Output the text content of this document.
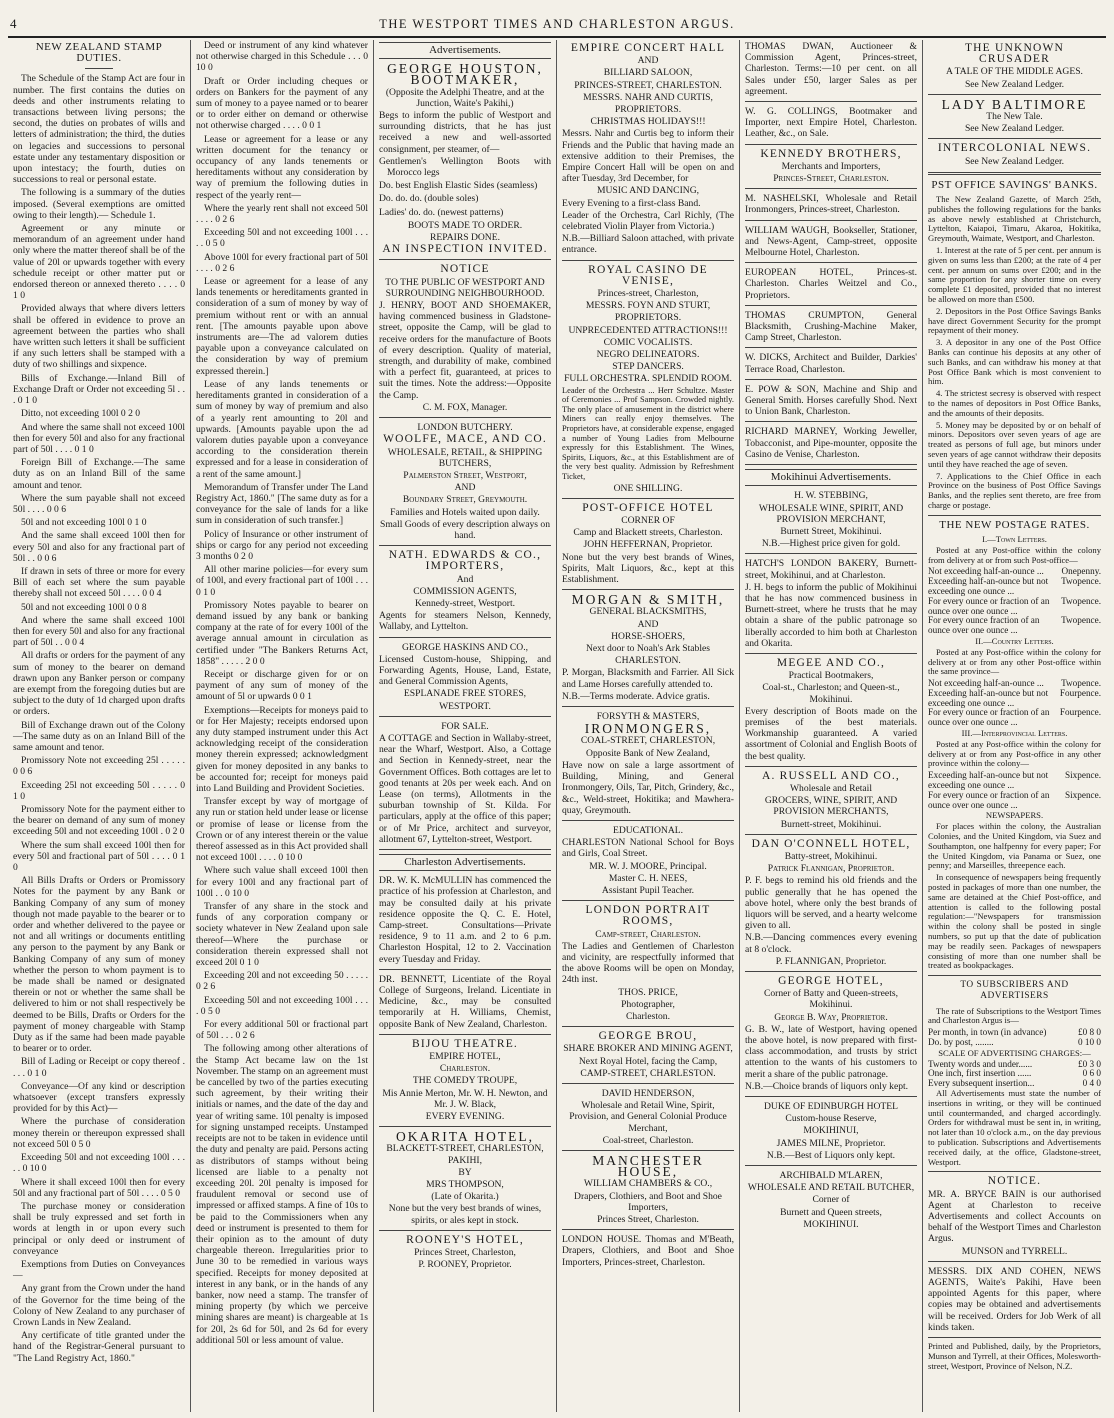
4	THE WESTPORT TIMES AND CHARLESTON ARGUS.
NEW ZEALAND STAMP DUTIES.

The Schedule of the Stamp Act are four in number. The first contains the duties on deeds and other instruments relating to transactions between living persons; the second, the duties on probates of wills and letters of administration; the third, the duties on legacies and successions to personal estate under any testamentary disposition or upon intestacy; the fourth, duties on successions to real or personal estate.

The following is a summary of the duties imposed. (Several exemptions are omitted owing to their length).— Schedule 1.

Agreement or any minute or memorandum of an agreement under hand only where the matter thereof shall be of the value of 20l or upwards together with every schedule receipt or other matter put or endorsed thereon or annexed thereto . . . . 0 1 0

Provided always that where divers letters shall be offered in evidence to prove an agreement between the parties who shall have written such letters it shall be sufficient if any such letters shall be stamped with a duty of two shillings and sixpence.

Bills of Exchange.—Inland Bill of Exchange Draft or Order not exceeding 5l . . . 0 1 0

Ditto, not exceeding 100l 0 2 0

And where the same shall not exceed 100l then for every 50l and also for any fractional part of 50l . . . . 0 1 0

Foreign Bill of Exchange.—The same duty as on an Inland Bill of the same amount and tenor.

Where the sum payable shall not exceed 50l . . . . 0 0 6

50l and not exceeding 100l 0 1 0

And the same shall exceed 100l then for every 50l and also for any fractional part of 50l . . 0 0 6

If drawn in sets of three or more for every Bill of each set where the sum payable thereby shall not exceed 50l . . . . 0 0 4

50l and not exceeding 100l 0 0 8

And where the same shall exceed 100l then for every 50l and also for any fractional part of 50l . . 0 0 4

All drafts or orders for the payment of any sum of money to the bearer on demand drawn upon any Banker person or company are exempt from the foregoing duties but are subject to the duty of 1d charged upon drafts or orders.

Bill of Exchange drawn out of the Colony—The same duty as on an Inland Bill of the same amount and tenor.

Promissory Note not exceeding 25l . . . . . 0 0 6

Exceeding 25l not exceeding 50l . . . . . 0 1 0

Promissory Note for the payment either to the bearer on demand of any sum of money exceeding 50l and not exceeding 100l . 0 2 0

Where the sum shall exceed 100l then for every 50l and fractional part of 50l . . . . 0 1 0

All Bills Drafts or Orders or Promissory Notes for the payment by any Bank or Banking Company of any sum of money though not made payable to the bearer or to order and whether delivered to the payee or not and all writings or documents entitling any person to the payment by any Bank or Banking Company of any sum of money whether the person to whom payment is to be made shall be named or designated therein or not or whether the same shall be delivered to him or not shall respectively be deemed to be Bills, Drafts or Orders for the payment of money chargeable with Stamp Duty as if the same had been made payable to bearer or to order.

Bill of Lading or Receipt or copy thereof . . . . 0 1 0

Conveyance—Of any kind or description whatsoever (except transfers expressly provided for by this Act)—

Where the purchase of consideration money therein or thereupon expressed shall not exceed 50l 0 5 0

Exceeding 50l and not exceeding 100l . . . . . 0 10 0

Where it shall exceed 100l then for every 50l and any fractional part of 50l . . . . 0 5 0

The purchase money or consideration shall be truly expressed and set forth in words at length in or upon every such principal or only deed or instrument of conveyance

Exemptions from Duties on Conveyances—

Any grant from the Crown under the hand of the Governor for the time being of the Colony of New Zealand to any purchaser of Crown Lands in New Zealand.

Any certificate of title granted under the hand of the Registrar-General pursuant to "The Land Registry Act, 1860."

Deed or instrument of any kind whatever not otherwise charged in this Schedule . . . 0 10 0

Draft or Order including cheques or orders on Bankers for the payment of any sum of money to a payee named or to bearer or to order either on demand or otherwise not otherwise charged . . . . 0 0 1

Lease or agreement for a lease or any written document for the tenancy or occupancy of any lands tenements or hereditaments without any consideration by way of premium the following duties in respect of the yearly rent—

Where the yearly rent shall not exceed 50l . . . . 0 2 6

Exceeding 50l and not exceeding 100l . . . . . 0 5 0

Above 100l for every fractional part of 50l . . . . 0 2 6

Lease or agreement for a lease of any lands tenements or hereditaments granted in consideration of a sum of money by way of premium without rent or with an annual rent. [The amounts payable upon above instruments are—The ad valorem duties payable upon a conveyance calculated on the consideration by way of premium expressed therein.]

Lease of any lands tenements or hereditaments granted in consideration of a sum of money by way of premium and also of a yearly rent amounting to 20l and upwards. [Amounts payable upon the ad valorem duties payable upon a conveyance according to the consideration therein expressed and for a lease in consideration of a rent of the same amount.]

Memorandum of Transfer under The Land Registry Act, 1860." [The same duty as for a conveyance for the sale of lands for a like sum in consideration of such transfer.]

Policy of Insurance or other instrument of ships or cargo for any period not exceeding 3 months 0 2 0

All other marine policies—for every sum of 100l, and every fractional part of 100l . . . 0 1 0

Promissory Notes payable to bearer on demand issued by any bank or banking company at the rate of for every 100l of the average annual amount in circulation as certified under "The Bankers Returns Act, 1858" . . . . . 2 0 0

Receipt or discharge given for or on payment of any sum of money of the amount of 5l or upwards 0 0 1

Exemptions—Receipts for moneys paid to or for Her Majesty; receipts endorsed upon any duty stamped instrument under this Act acknowledging receipt of the consideration money therein expressed; acknowledgment given for money deposited in any banks to be accounted for; receipt for moneys paid into Land Building and Provident Societies.

Transfer except by way of mortgage of any run or station held under lease or license or promise of lease or license from the Crown or of any interest therein or the value thereof assessed as in this Act provided shall not exceed 100l . . . . 0 10 0

Where such value shall exceed 100l then for every 100l and any fractional part of 100l . . 0 10 0

Transfer of any share in the stock and funds of any corporation company or society whatever in New Zealand upon sale thereof—Where the purchase or consideration therein expressed shall not exceed 20l 0 1 0

Exceeding 20l and not exceeding 50 . . . . . 0 2 6

Exceeding 50l and not exceeding 100l . . . . 0 5 0

For every additional 50l or fractional part of 50l . . . 0 2 6

The following among other alterations of the Stamp Act became law on the 1st November. The stamp on an agreement must be cancelled by two of the parties executing such agreement, by their writing their initials or names, and the date of the day and year of writing same. 10l penalty is imposed for signing unstamped receipts. Unstamped receipts are not to be taken in evidence until the duty and penalty are paid. Persons acting as distributors of stamps without being licensed are liable to a penalty not exceeding 20l. 20l penalty is imposed for fraudulent removal or second use of impressed or affixed stamps. A fine of 10s to be paid to the Commissioners when any deed or instrument is presented to them for their opinion as to the amount of duty chargeable thereon. Irregularities prior to June 30 to be remedied in various ways specified. Receipts for money deposited at interest in any bank, or in the hands of any banker, now need a stamp. The transfer of mining property (by which we perceive mining shares are meant) is chargeable at 1s for 20l, 2s 6d for 50l, and 2s 6d for every additional 50l or less amount of value.

Advertisements.
GEORGE HOUSTON, BOOTMAKER,
(Opposite the Adelphi Theatre, and at the Junction, Waite's Pakihi,)
Begs to inform the public of Westport and surrounding districts, that he has just received a new and well-assorted consignment, per steamer, of—

Gentlemen's Wellington Boots with Morocco legs

Do. best English Elastic Sides (seamless)

Do. do. do. (double soles)

Ladies' do. do. (newest patterns)

BOOTS MADE TO ORDER.
REPAIRS DONE.
AN INSPECTION INVITED.
NOTICE
TO THE PUBLIC OF WESTPORT AND SURROUNDING NEIGHBOURHOOD.
J. HENRY, BOOT AND SHOEMAKER, having commenced business in Gladstone-street, opposite the Camp, will be glad to receive orders for the manufacture of Boots of every description. Quality of material, strength, and durability of make, combined with a perfect fit, guaranteed, at prices to suit the times. Note the address:—Opposite the Camp.
C. M. FOX, Manager.
LONDON BUTCHERY.
WOOLFE, MACE, AND CO.
WHOLESALE, RETAIL, & SHIPPING BUTCHERS,
Palmerston Street, Westport,
AND
Boundary Street, Greymouth.
Families and Hotels waited upon daily.
Small Goods of every description always on hand.
NATH. EDWARDS & CO., IMPORTERS,
And
COMMISSION AGENTS,
Kennedy-street, Westport.
Agents for steamers Nelson, Kennedy, Wallaby, and Lyttelton.
GEORGE HASKINS AND CO.,
Licensed Custom-house, Shipping, and Forwarding Agents, House, Land, Estate, and General Commission Agents,
ESPLANADE FREE STORES,
WESTPORT.
FOR SALE.
A COTTAGE and Section in Wallaby-street, near the Wharf, Westport. Also, a Cottage and Section in Kennedy-street, near the Government Offices. Both cottages are let to good tenants at 20s per week each. And on Lease (on terms), Allotments in the suburban township of St. Kilda. For particulars, apply at the office of this paper; or of Mr Price, architect and surveyor, allotment 67, Lyttelton-street, Westport.
Charleston Advertisements.
DR. W. K. McMULLIN has commenced the practice of his profession at Charleston, and may be consulted daily at his private residence opposite the Q. C. E. Hotel, Camp-street. Consultations—Private residence, 9 to 11 a.m. and 2 to 6 p.m. Charleston Hospital, 12 to 2. Vaccination every Tuesday and Friday.
DR. BENNETT, Licentiate of the Royal College of Surgeons, Ireland. Licentiate in Medicine, &c., may be consulted temporarily at H. Williams, Chemist, opposite Bank of New Zealand, Charleston.
BIJOU THEATRE.
EMPIRE HOTEL,
Charleston.
THE COMEDY TROUPE,
Mis Annie Merton, Mr. W. H. Newton, and Mr. J. W. Black,
EVERY EVENING.
OKARITA HOTEL,
BLACKETT-STREET, CHARLESTON, PAKIHI,
BY
MRS THOMPSON,
(Late of Okarita.)
None but the very best brands of wines, spirits, or ales kept in stock.
ROONEY'S HOTEL,
Princes Street, Charleston,
P. ROONEY, Proprietor.
EMPIRE CONCERT HALL
AND
BILLIARD SALOON,
PRINCES-STREET, CHARLESTON.
MESSRS. NAHR AND CURTIS,
PROPRIETORS.
CHRISTMAS HOLIDAYS!!!
Messrs. Nahr and Curtis beg to inform their Friends and the Public that having made an extensive addition to their Premises, the Empire Concert Hall will be open on and after Tuesday, 3rd December, for
MUSIC AND DANCING,
Every Evening to a first-class Band.
Leader of the Orchestra, Carl Richly, (The celebrated Violin Player from Victoria.)
N.B.—Billiard Saloon attached, with private entrance.
ROYAL CASINO DE VENISE,
Princes-street, Charleston,
MESSRS. FOYN AND STURT,
PROPRIETORS.
UNPRECEDENTED ATTRACTIONS!!!
COMIC VOCALISTS.
NEGRO DELINEATORS.
STEP DANCERS.
FULL ORCHESTRA. SPLENDID ROOM.
Leader of the Orchestra ... Herr Schultze. Master of Ceremonies ... Prof Sampson. Crowded nightly. The only place of amusement in the district where Miners can really enjoy themselves. The Proprietors have, at considerable expense, engaged a number of Young Ladies from Melbourne expressly for this Establishment. The Wines, Spirits, Liquors, &c., at this Establishment are of the very best quality. Admission by Refreshment Ticket,
ONE SHILLING.
POST-OFFICE HOTEL
CORNER OF
Camp and Blackett streets, Charleston.
JOHN HEFFERNAN, Proprietor.
None but the very best brands of Wines, Spirits, Malt Liquors, &c., kept at this Establishment.
MORGAN & SMITH,
GENERAL BLACKSMITHS,
AND
HORSE-SHOERS,
Next door to Noah's Ark Stables
CHARLESTON.
P. Morgan, Blacksmith and Farrier. All Sick and Lame Horses carefully attended to.
N.B.—Terms moderate. Advice gratis.
FORSYTH & MASTERS,
IRONMONGERS,
COAL-STREET, CHARLESTON,
Opposite Bank of New Zealand,
Have now on sale a large assortment of Building, Mining, and General Ironmongery, Oils, Tar, Pitch, Grindery, &c., &c., Weld-street, Hokitika; and Mawhera-quay, Greymouth.
EDUCATIONAL.
CHARLESTON National School for Boys and Girls, Coal Street.
MR. W. J. MOORE, Principal.
Master C. H. NEES,
Assistant Pupil Teacher.
LONDON PORTRAIT ROOMS,
Camp-street, Charleston.
The Ladies and Gentlemen of Charleston and vicinity, are respectfully informed that the above Rooms will be open on Monday, 24th inst.
THOS. PRICE,
Photographer,
Charleston.
GEORGE BROU,
SHARE BROKER AND MINING AGENT,
Next Royal Hotel, facing the Camp,
CAMP-STREET, CHARLESTON.
DAVID HENDERSON,
Wholesale and Retail Wine, Spirit, Provision, and General Colonial Produce Merchant,
Coal-street, Charleston.
MANCHESTER HOUSE,
WILLIAM CHAMBERS & CO.,
Drapers, Clothiers, and Boot and Shoe Importers,
Princes Street, Charleston.
LONDON HOUSE. Thomas and M'Beath, Drapers, Clothiers, and Boot and Shoe Importers, Princes-street, Charleston.
THOMAS DWAN, Auctioneer & Commission Agent, Princes-street, Charleston. Terms:—10 per cent. on all Sales under £50, larger Sales as per agreement.
W. G. COLLINGS, Bootmaker and Importer, next Empire Hotel, Charleston. Leather, &c., on Sale.
KENNEDY BROTHERS,
Merchants and Importers,
Princes-Street, Charleston.
M. NASHELSKI, Wholesale and Retail Ironmongers, Princes-street, Charleston.
WILLIAM WAUGH, Bookseller, Stationer, and News-Agent, Camp-street, opposite Melbourne Hotel, Charleston.
EUROPEAN HOTEL, Princes-st. Charleston. Charles Weitzel and Co., Proprietors.
THOMAS CRUMPTON, General Blacksmith, Crushing-Machine Maker, Camp Street, Charleston.
W. DICKS, Architect and Builder, Darkies' Terrace Road, Charleston.
E. POW & SON, Machine and Ship and General Smith. Horses carefully Shod. Next to Union Bank, Charleston.
RICHARD MARNEY, Working Jeweller, Tobacconist, and Pipe-mounter, opposite the Casino de Venise, Charleston.
Mokihinui Advertisements.
H. W. STEBBING,
WHOLESALE WINE, SPIRIT, AND PROVISION MERCHANT,
Burnett Street, Mokihinui.
N.B.—Highest price given for gold.
HATCH'S LONDON BAKERY, Burnett-street, Mokihinui, and at Charleston.
J. H. begs to inform the public of Mokihinui that he has now commenced business in Burnett-street, where he trusts that he may obtain a share of the public patronage so liberally accorded to him both at Charleston and Okarita.
MEGEE AND CO.,
Practical Bootmakers,
Coal-st., Charleston; and Queen-st., Mokihinui.
Every description of Boots made on the premises of the best materials. Workmanship guaranteed. A varied assortment of Colonial and English Boots of the best quality.
A. RUSSELL AND CO.,
Wholesale and Retail
GROCERS, WINE, SPIRIT, AND PROVISION MERCHANTS,
Burnett-street, Mokihinui.
DAN O'CONNELL HOTEL,
Batty-street, Mokihinui.
Patrick Flannigan, Proprietor.
P. F. begs to remind his old friends and the public generally that he has opened the above hotel, where only the best brands of liquors will be served, and a hearty welcome given to all.
N.B.—Dancing commences every evening at 8 o'clock.
P. FLANNIGAN, Proprietor.
GEORGE HOTEL,
Corner of Batty and Queen-streets, Mokihinui.
George B. Way, Proprietor.
G. B. W., late of Westport, having opened the above hotel, is now prepared with first-class accommodation, and trusts by strict attention to the wants of his customers to merit a share of the public patronage.
N.B.—Choice brands of liquors only kept.
DUKE OF EDINBURGH HOTEL
Custom-house Reserve,
MOKIHINUI,
JAMES MILNE, Proprietor.
N.B.—Best of Liquors only kept.
ARCHIBALD M'LAREN,
WHOLESALE AND RETAIL BUTCHER,
Corner of
Burnett and Queen streets,
MOKIHINUI.
THE UNKNOWN CRUSADER
A TALE OF THE MIDDLE AGES.
See New Zealand Ledger.
LADY BALTIMORE
The New Tale.
See New Zealand Ledger.
INTERCOLONIAL NEWS.
See New Zealand Ledger.
PST OFFICE SAVINGS' BANKS.

The New Zealand Gazette, of March 25th, publishes the following regulations for the banks as above newly established at Christchurch, Lyttelton, Kaiapoi, Timaru, Akaroa, Hokitika, Greymouth, Waimate, Westport, and Charleston.

1. Interest at the rate of 5 per cent. per annum is given on sums less than £200; at the rate of 4 per cent. per annum on sums over £200; and in the same proportion for any shorter time on every complete £1 deposited, provided that no interest be allowed on more than £500.

2. Depositors in the Post Office Savings Banks have direct Government Security for the prompt repayment of their money.

3. A depositor in any one of the Post Office Banks can continue his deposits at any other of such Banks, and can withdraw his money at that Post Office Bank which is most convenient to him.

4. The strictest secresy is observed with respect to the names of depositors in Post Office Banks, and the amounts of their deposits.

5. Money may be deposited by or on behalf of minors. Depositors over seven years of age are treated as persons of full age, but minors under seven years of age cannot withdraw their deposits until they have reached the age of seven.

7. Applications to the Chief Office in each Province on the business of Post Office Savings Banks, and the replies sent thereto, are free from charge or postage.

THE NEW POSTAGE RATES.
I.—Town Letters.

Posted at any Post-office within the colony from delivery at or from such Post-office—

Not exceeding half-an-ounce ...	Onepenny.
Exceeding half-an-ounce but not exceeding one ounce ...	Twopence.
For every ounce or fraction of an ounce over one ounce ...	Twopence.
For every ounce fraction of an ounce over one ounce ...	Twopence.
II.—Country Letters.

Posted at any Post-office within the colony for delivery at or from any other Post-office within the same province—

Not exceeding half-an-ounce ...	Twopence.
Exceeding half-an-ounce but not exceeding one ounce ...	Fourpence.
For every ounce or fraction of an ounce over one ounce ...	Fourpence.
III.—Interprovincial Letters.

Posted at any Post-office within the colony for delivery at or from any Post-office in any other province within the colony—

Exceeding half-an-ounce but not exceeding one ounce ...	Sixpence.
For every ounce or fraction of an ounce over one ounce ...	Sixpence.
NEWSPAPERS.

For places within the colony, the Australian Colonies, and the United Kingdom, via Suez and Southampton, one halfpenny for every paper; For the United Kingdom, via Panama or Suez, one penny; and Marseilles, threepence each.

In consequence of newspapers being frequently posted in packages of more than one number, the same are detained at the Chief Post-office, and attention is called to the following postal regulation:—"Newspapers for transmission within the colony shall be posted in single numbers, so put up that the date of publication may be readily seen. Packages of newspapers consisting of more than one number shall be treated as bookpackages.

TO SUBSCRIBERS AND ADVERTISERS

The rate of Subscriptions to the Westport Times and Charleston Argus is—

Per month, in town (in advance)	£0 8 0
Do. by post, ........	0 10 0
SCALE OF ADVERTISING CHARGES:—
Twenty words and under......	£0 3 0
One inch, first insertion ......	0 6 0
Every subsequent insertion...	0 4 0

All Advertisements must state the number of insertions in writing, or they will be continued until countermanded, and charged accordingly. Orders for withdrawal must be sent in, in writing, not later than 10 o'clock a.m., on the day previous to publication. Subscriptions and Advertisements received daily, at the office, Gladstone-street, Westport.

NOTICE.
MR. A. BRYCE BAIN is our authorised Agent at Charleston to receive Advertisements and collect Accounts on behalf of the Westport Times and Charleston Argus.
MUNSON and TYRRELL.
MESSRS. DIX AND COHEN, NEWS AGENTS, Waite's Pakihi, Have been appointed Agents for this paper, where copies may be obtained and advertisements will be received. Orders for Job Werk of all kinds taken.
Printed and Published, daily, by the Proprietors, Munson and Tyrrell, at their Offices, Molesworth-street, Westport, Province of Nelson, N.Z.
